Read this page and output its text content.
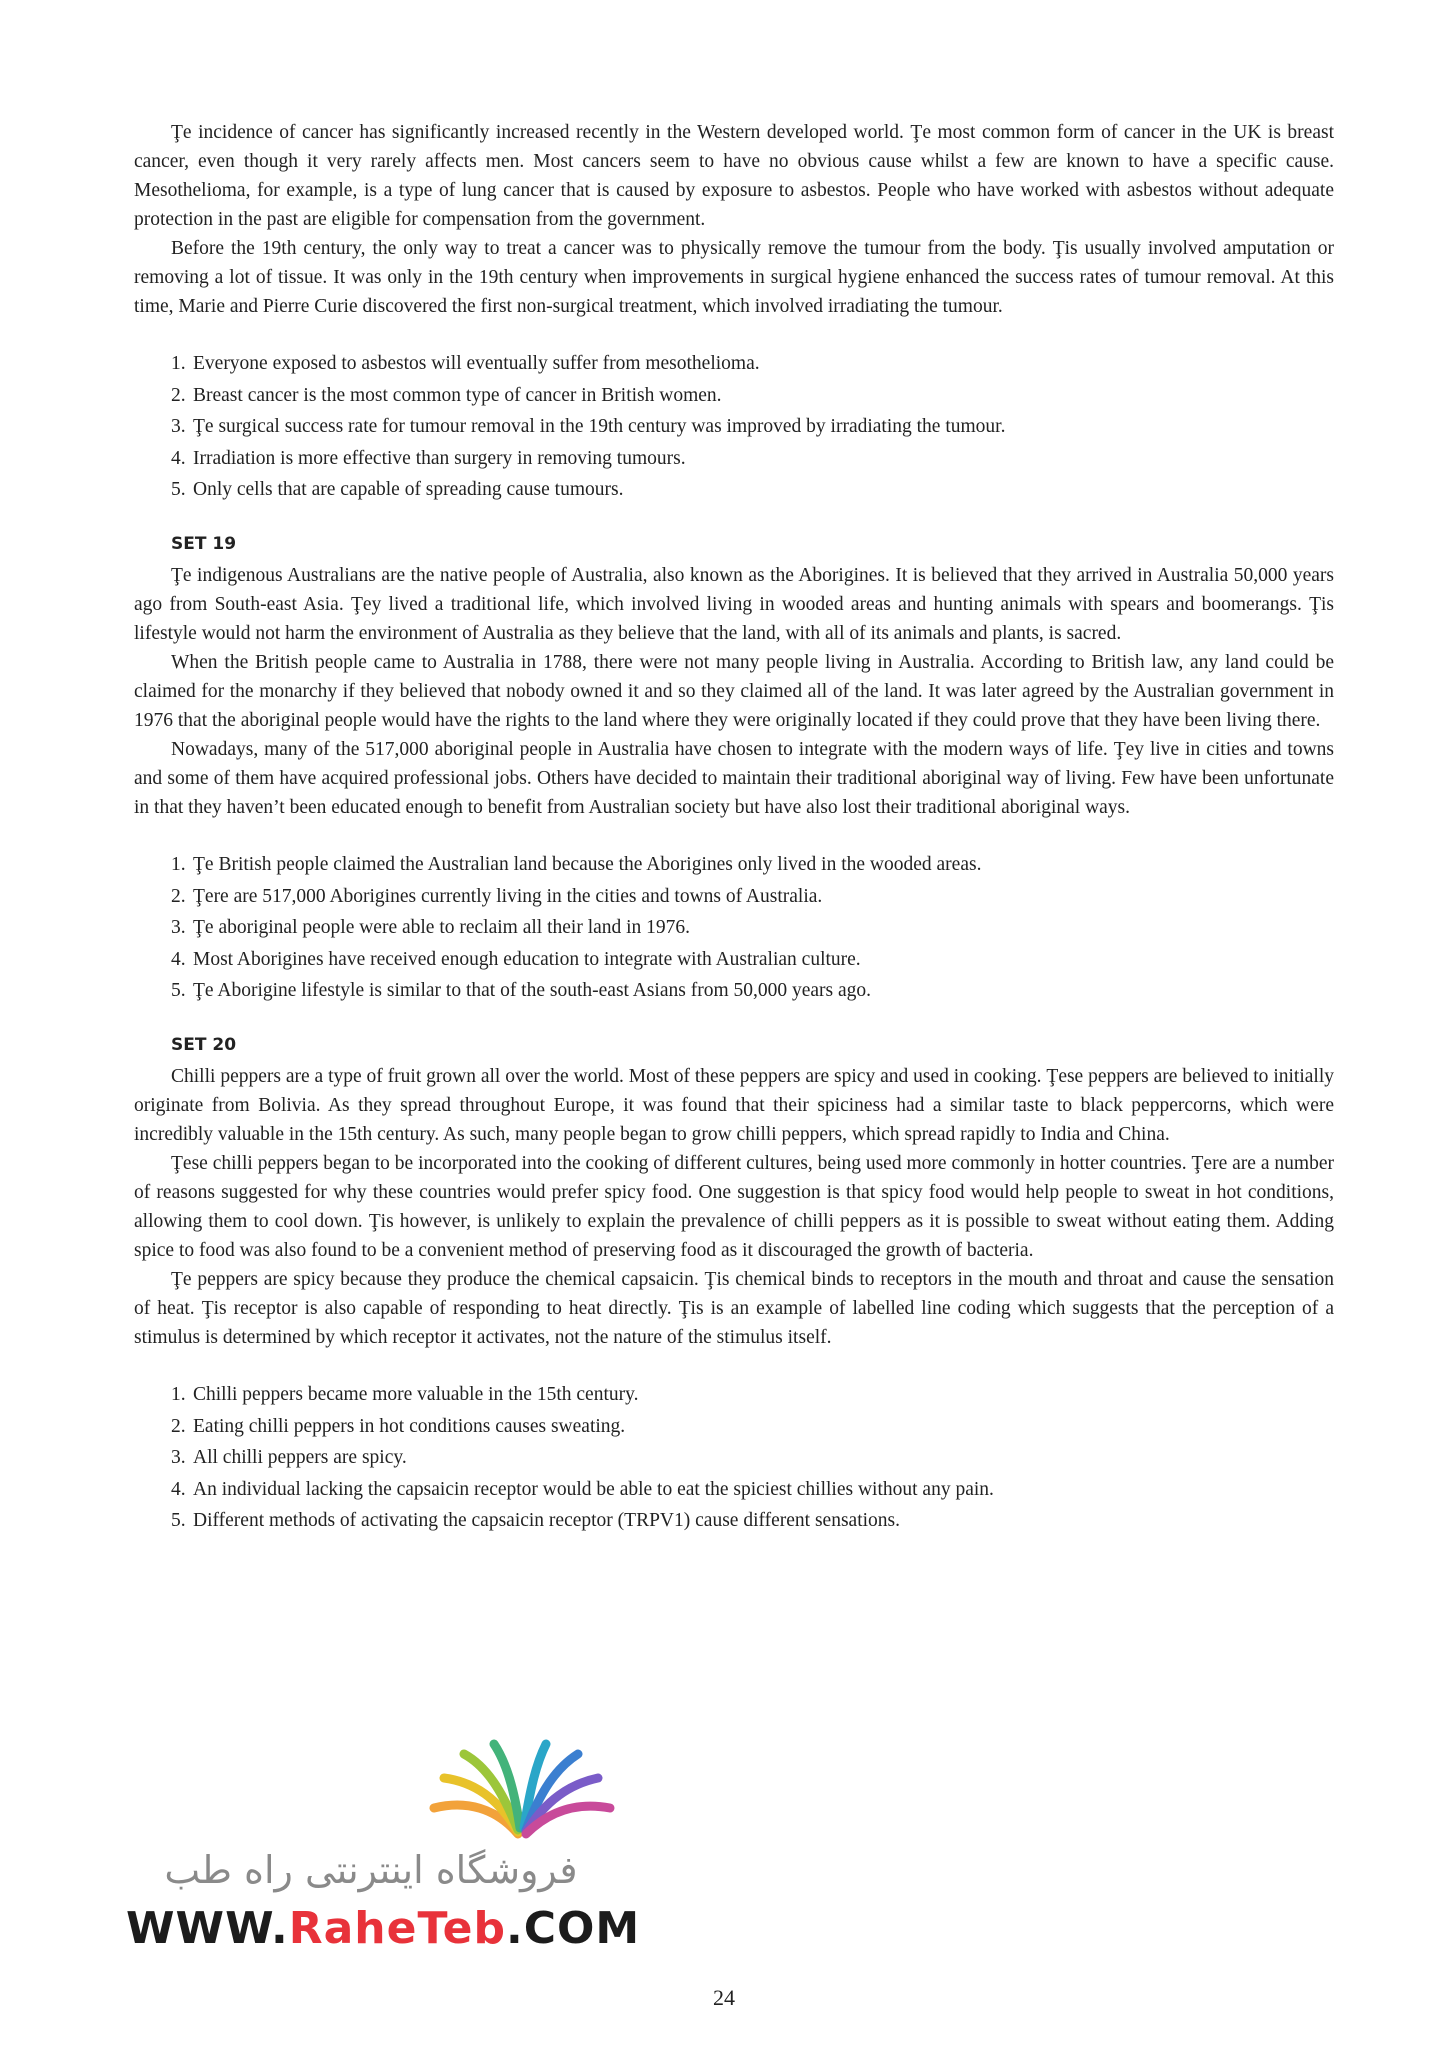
Ţe incidence of cancer has significantly increased recently in the Western developed world. Ţe most common form of cancer in the UK is breast cancer, even though it very rarely affects men. Most cancers seem to have no obvious cause whilst a few are known to have a specific cause. Mesothelioma, for example, is a type of lung cancer that is caused by exposure to asbestos. People who have worked with asbestos without adequate protection in the past are eligible for compensation from the government.

Before the 19th century, the only way to treat a cancer was to physically remove the tumour from the body. Ţis usually involved amputation or removing a lot of tissue. It was only in the 19th century when improvements in surgical hygiene enhanced the success rates of tumour removal. At this time, Marie and Pierre Curie discovered the first non-surgical treatment, which involved irradiating the tumour.

1. Everyone exposed to asbestos will eventually suffer from mesothelioma.
2. Breast cancer is the most common type of cancer in British women.
3. Ţe surgical success rate for tumour removal in the 19th century was improved by irradiating the tumour.
4. Irradiation is more effective than surgery in removing tumours.
5. Only cells that are capable of spreading cause tumours.
SET 19

Ţe indigenous Australians are the native people of Australia, also known as the Aborigines. It is believed that they arrived in Australia 50,000 years ago from South-east Asia. Ţey lived a traditional life, which involved living in wooded areas and hunting animals with spears and boomerangs. Ţis lifestyle would not harm the environment of Australia as they believe that the land, with all of its animals and plants, is sacred.

When the British people came to Australia in 1788, there were not many people living in Australia. According to British law, any land could be claimed for the monarchy if they believed that nobody owned it and so they claimed all of the land. It was later agreed by the Australian government in 1976 that the aboriginal people would have the rights to the land where they were originally located if they could prove that they have been living there.

Nowadays, many of the 517,000 aboriginal people in Australia have chosen to integrate with the modern ways of life. Ţey live in cities and towns and some of them have acquired professional jobs. Others have decided to maintain their traditional aboriginal way of living. Few have been unfortunate in that they haven’t been educated enough to benefit from Australian society but have also lost their traditional aboriginal ways.

1. Ţe British people claimed the Australian land because the Aborigines only lived in the wooded areas.
2. Ţere are 517,000 Aborigines currently living in the cities and towns of Australia.
3. Ţe aboriginal people were able to reclaim all their land in 1976.
4. Most Aborigines have received enough education to integrate with Australian culture.
5. Ţe Aborigine lifestyle is similar to that of the south-east Asians from 50,000 years ago.
SET 20

Chilli peppers are a type of fruit grown all over the world. Most of these peppers are spicy and used in cooking. Ţese peppers are believed to initially originate from Bolivia. As they spread throughout Europe, it was found that their spiciness had a similar taste to black peppercorns, which were incredibly valuable in the 15th century. As such, many people began to grow chilli peppers, which spread rapidly to India and China.

Ţese chilli peppers began to be incorporated into the cooking of different cultures, being used more commonly in hotter countries. Ţere are a number of reasons suggested for why these countries would prefer spicy food. One suggestion is that spicy food would help people to sweat in hot conditions, allowing them to cool down. Ţis however, is unlikely to explain the prevalence of chilli peppers as it is possible to sweat without eating them. Adding spice to food was also found to be a convenient method of preserving food as it discouraged the growth of bacteria.

Ţe peppers are spicy because they produce the chemical capsaicin. Ţis chemical binds to receptors in the mouth and throat and cause the sensation of heat. Ţis receptor is also capable of responding to heat directly. Ţis is an example of labelled line coding which suggests that the perception of a stimulus is determined by which receptor it activates, not the nature of the stimulus itself.

1. Chilli peppers became more valuable in the 15th century.
2. Eating chilli peppers in hot conditions causes sweating.
3. All chilli peppers are spicy.
4. An individual lacking the capsaicin receptor would be able to eat the spiciest chillies without any pain.
5. Different methods of activating the capsaicin receptor (TRPV1) cause different sensations.
فروشگاه اینترنتی راه طب
WWW.RaheTeb.COM
24
